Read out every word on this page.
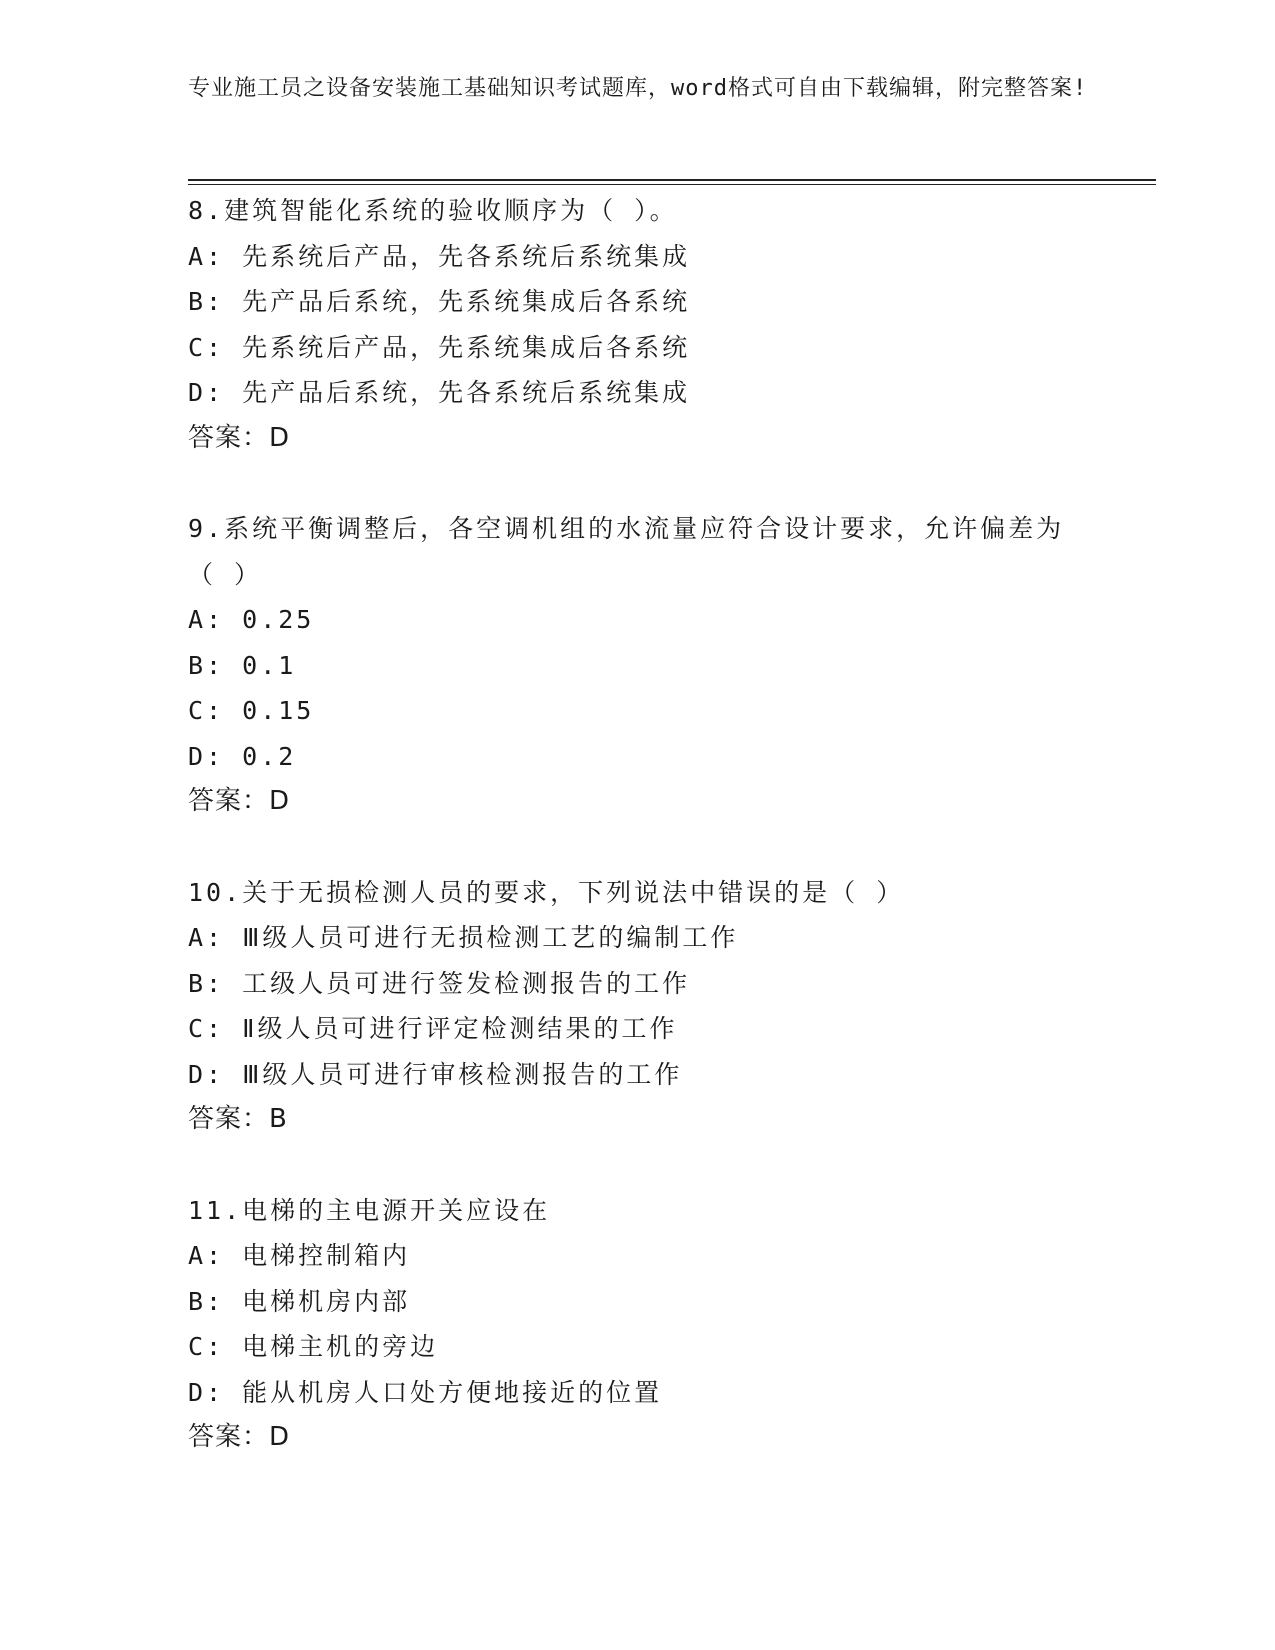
专业施工员之设备安装施工基础知识考试题库，word格式可自由下载编辑，附完整答案!
8.建筑智能化系统的验收顺序为（ ）。
A: 先系统后产品，先各系统后系统集成
B: 先产品后系统，先系统集成后各系统
C: 先系统后产品，先系统集成后各系统
D: 先产品后系统，先各系统后系统集成
答案：D
9.系统平衡调整后，各空调机组的水流量应符合设计要求，允许偏差为（ ）
A: 0.25
B: 0.1
C: 0.15
D: 0.2
答案：D
10.关于无损检测人员的要求，下列说法中错误的是（ ）
A: Ⅲ级人员可进行无损检测工艺的编制工作
B: 工级人员可进行签发检测报告的工作
C: Ⅱ级人员可进行评定检测结果的工作
D: Ⅲ级人员可进行审核检测报告的工作
答案：B
11.电梯的主电源开关应设在
A: 电梯控制箱内
B: 电梯机房内部
C: 电梯主机的旁边
D: 能从机房人口处方便地接近的位置
答案：D
